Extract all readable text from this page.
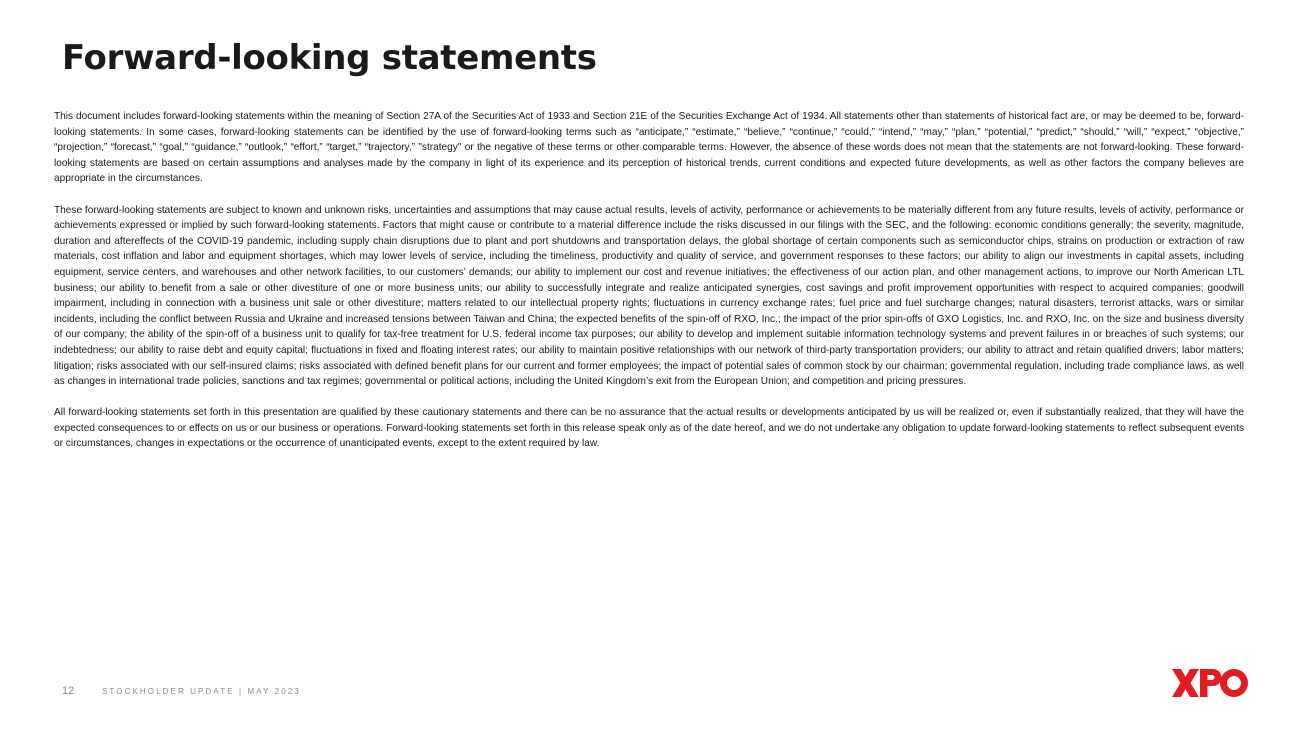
Forward-looking statements

This document includes forward-looking statements within the meaning of Section 27A of the Securities Act of 1933 and Section 21E of the Securities Exchange Act of 1934. All statements other than statements of historical fact are, or may be deemed to be, forward-looking statements. In some cases, forward-looking statements can be identified by the use of forward-looking terms such as “anticipate,” “estimate,” “believe,” “continue,” “could,” “intend,” “may,” “plan,” “potential,” “predict,” “should,” “will,” “expect,” “objective,” “projection,” “forecast,” “goal,” “guidance,” “outlook,” “effort,” “target,” “trajectory,” "strategy" or the negative of these terms or other comparable terms. However, the absence of these words does not mean that the statements are not forward-looking. These forward-looking statements are based on certain assumptions and analyses made by the company in light of its experience and its perception of historical trends, current conditions and expected future developments, as well as other factors the company believes are appropriate in the circumstances.

These forward-looking statements are subject to known and unknown risks, uncertainties and assumptions that may cause actual results, levels of activity, performance or achievements to be materially different from any future results, levels of activity, performance or achievements expressed or implied by such forward-looking statements. Factors that might cause or contribute to a material difference include the risks discussed in our filings with the SEC, and the following: economic conditions generally; the severity, magnitude, duration and aftereffects of the COVID-19 pandemic, including supply chain disruptions due to plant and port shutdowns and transportation delays, the global shortage of certain components such as semiconductor chips, strains on production or extraction of raw materials, cost inflation and labor and equipment shortages, which may lower levels of service, including the timeliness, productivity and quality of service, and government responses to these factors; our ability to align our investments in capital assets, including equipment, service centers, and warehouses and other network facilities, to our customers’ demands; our ability to implement our cost and revenue initiatives; the effectiveness of our action plan, and other management actions, to improve our North American LTL business; our ability to benefit from a sale or other divestiture of one or more business units; our ability to successfully integrate and realize anticipated synergies, cost savings and profit improvement opportunities with respect to acquired companies; goodwill impairment, including in connection with a business unit sale or other divestiture; matters related to our intellectual property rights; fluctuations in currency exchange rates; fuel price and fuel surcharge changes; natural disasters, terrorist attacks, wars or similar incidents, including the conflict between Russia and Ukraine and increased tensions between Taiwan and China; the expected benefits of the spin-off of RXO, Inc.; the impact of the prior spin-offs of GXO Logistics, Inc. and RXO, Inc. on the size and business diversity of our company; the ability of the spin-off of a business unit to qualify for tax-free treatment for U.S. federal income tax purposes; our ability to develop and implement suitable information technology systems and prevent failures in or breaches of such systems; our indebtedness; our ability to raise debt and equity capital; fluctuations in fixed and floating interest rates; our ability to maintain positive relationships with our network of third-party transportation providers; our ability to attract and retain qualified drivers; labor matters; litigation; risks associated with our self-insured claims; risks associated with defined benefit plans for our current and former employees; the impact of potential sales of common stock by our chairman; governmental regulation, including trade compliance laws, as well as changes in international trade policies, sanctions and tax regimes; governmental or political actions, including the United Kingdom’s exit from the European Union; and competition and pricing pressures.

All forward-looking statements set forth in this presentation are qualified by these cautionary statements and there can be no assurance that the actual results or developments anticipated by us will be realized or, even if substantially realized, that they will have the expected consequences to or effects on us or our business or operations. Forward-looking statements set forth in this release speak only as of the date hereof, and we do not undertake any obligation to update forward-looking statements to reflect subsequent events or circumstances, changes in expectations or the occurrence of unanticipated events, except to the extent required by law.

12	STOCKHOLDER UPDATE | MAY 2023
